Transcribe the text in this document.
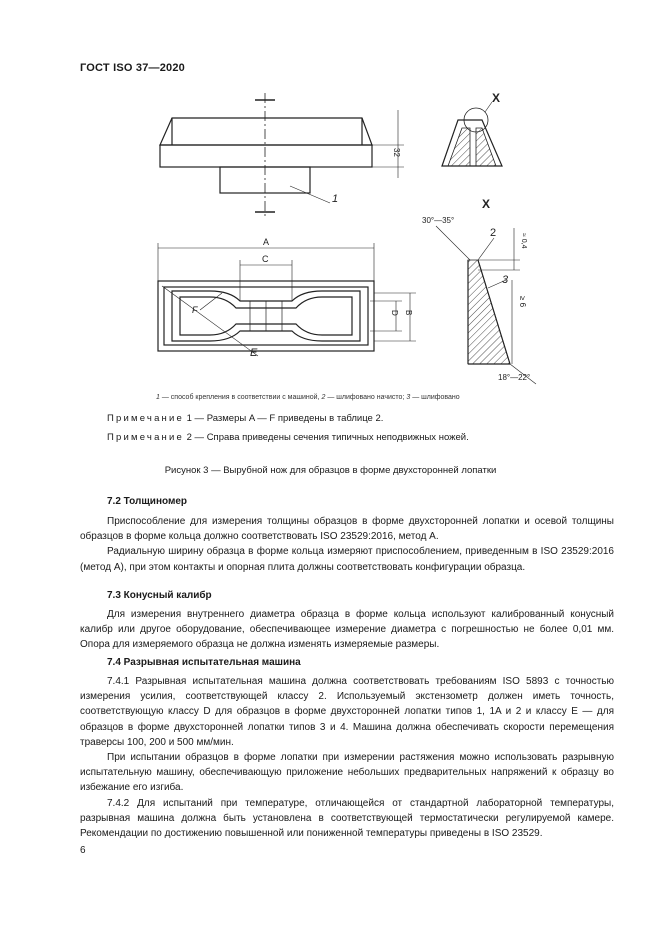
ГОСТ ISO 37—2020
32
1
A
C
F	D B
E
X
X
30°—35°
2	≈ 0,4
3
≥ 6
18°—22°
1 — способ крепления в соответствии с машиной, 2 — шлифовано начисто; 3 — шлифовано
Примечание 1 — Размеры A — F приведены в таблице 2.
Примечание 2 — Справа приведены сечения типичных неподвижных ножей.
Рисунок 3 — Вырубной нож для образцов в форме двухсторонней лопатки
7.2 Толщиномер
Приспособление для измерения толщины образцов в форме двухсторонней лопатки и осевой толщины образцов в форме кольца должно соответствовать ISO 23529:2016, метод A.
Радиальную ширину образца в форме кольца измеряют приспособлением, приведенным в ISO 23529:2016 (метод A), при этом контакты и опорная плита должны соответствовать конфигурации образца.
7.3 Конусный калибр
Для измерения внутреннего диаметра образца в форме кольца используют калиброванный конусный калибр или другое оборудование, обеспечивающее измерение диаметра с погрешностью не более 0,01 мм. Опора для измеряемого образца не должна изменять измеряемые размеры.
7.4 Разрывная испытательная машина
7.4.1 Разрывная испытательная машина должна соответствовать требованиям ISO 5893 с точностью измерения усилия, соответствующей классу 2. Используемый экстензометр должен иметь точность, соответствующую классу D для образцов в форме двухсторонней лопатки типов 1, 1A и 2 и классу E — для образцов в форме двухсторонней лопатки типов 3 и 4. Машина должна обеспечивать скорости перемещения траверсы 100, 200 и 500 мм/мин.
При испытании образцов в форме лопатки при измерении растяжения можно использовать разрывную испытательную машину, обеспечивающую приложение небольших предварительных напряжений к образцу во избежание его изгиба.
7.4.2 Для испытаний при температуре, отличающейся от стандартной лабораторной температуры, разрывная машина должна быть установлена в соответствующей термостатически регулируемой камере. Рекомендации по достижению повышенной или пониженной температуры приведены в ISO 23529.
6
